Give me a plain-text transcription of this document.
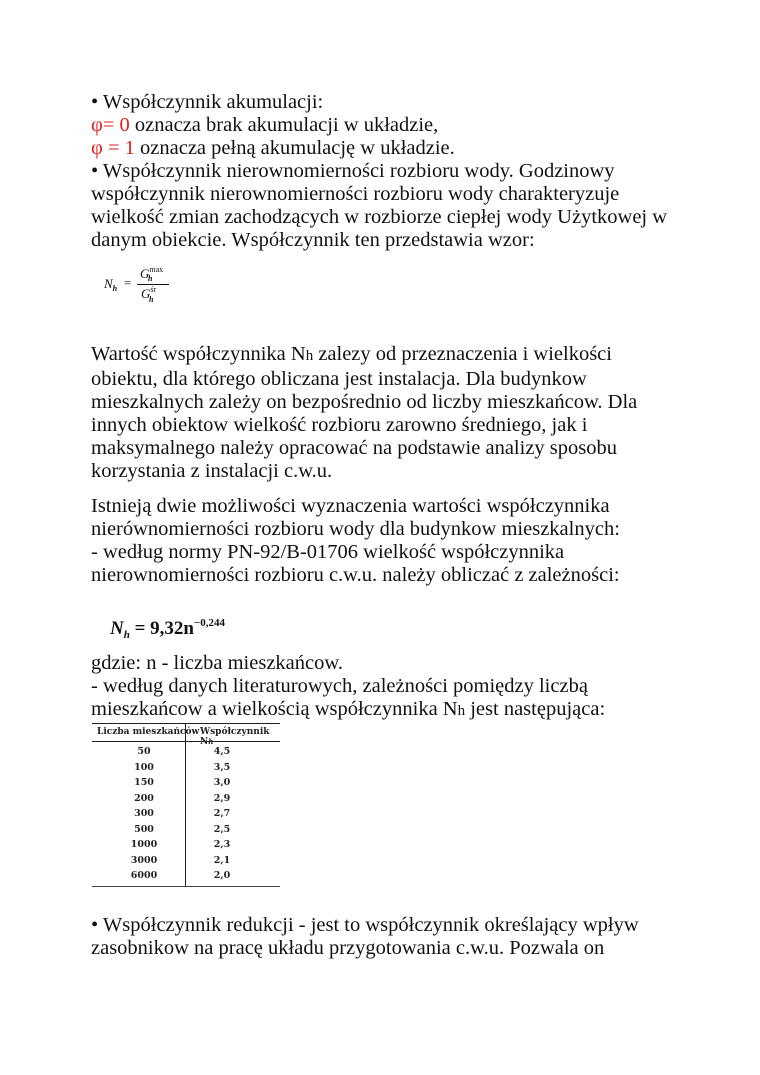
• Współczynnik akumulacji:
φ= 0 oznacza brak akumulacji w układzie,
φ = 1 oznacza pełną akumulację w układzie.
• Współczynnik nierownomierności rozbioru wody. Godzinowy
współczynnik nierownomierności rozbioru wody charakteryzuje
wielkość zmian zachodzących w rozbiorze ciepłej wody Użytkowej w
danym obiekcie. Współczynnik ten przedstawia wzor:
$N_h$ =
$G^{max}$
h
$G^{śr}$
h
Wartość współczynnika Nh zalezy od przeznaczenia i wielkości
obiektu, dla którego obliczana jest instalacja. Dla budynkow
mieszkalnych zależy on bezpośrednio od liczby mieszkańcow. Dla
innych obiektow wielkość rozbioru zarowno średniego, jak i
maksymalnego należy opracować na podstawie analizy sposobu
korzystania z instalacji c.w.u.
Istnieją dwie możliwości wyznaczenia wartości współczynnika
nierównomierności rozbioru wody dla budynkow mieszkalnych:
- według normy PN-92/B-01706 wielkość współczynnika
nierownomierności rozbioru c.w.u. należy obliczać z zależności:
$N_h = 9,32n^{-0,244}$
gdzie: n - liczba mieszkańcow.
- według danych literaturowych, zależności pomiędzy liczbą
mieszkańcow a wielkością współczynnika Nh jest następująca:
Liczba mieszkańców Współczynnik Nh
50	4,5
100	3,5
150	3,0
200	2,9
300	2,7
500	2,5
1000	2,3
3000	2,1
6000	2,0
• Współczynnik redukcji - jest to współczynnik określający wpływ
zasobnikow na pracę układu przygotowania c.w.u. Pozwala on
